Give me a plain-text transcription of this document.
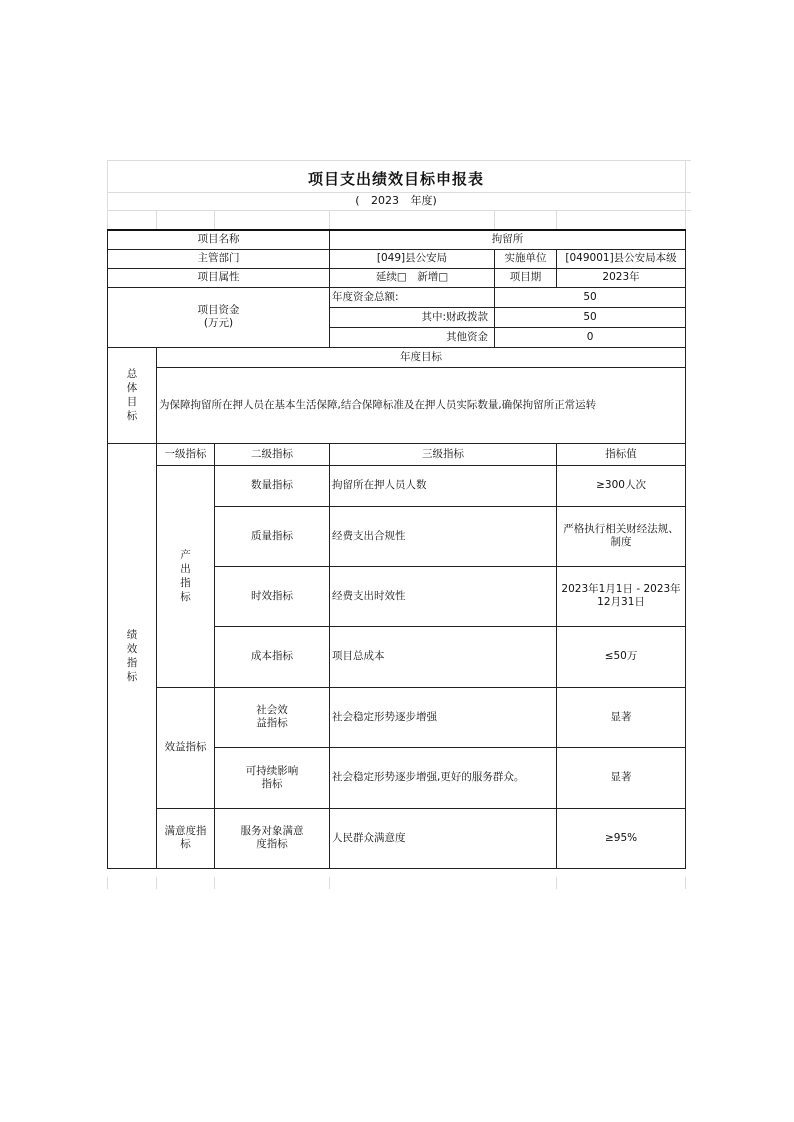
项目支出绩效目标申报表
( 2023 年度)
项目名称			拘留所		
主管部门			[049]县公安局	实施单位	[049001]县公安局本级
项目属性			延续□　新增□	项目期	2023年

项目资金
(万元)			年度资金总额:	50	
			其中:财政拨款	50	
			其他资金	0	
总体目标	年度目标				
	为保障拘留所在押人员在基本生活保障,结合保障标准及在押人员实际数量,确保拘留所正常运转				
绩效指标	一级指标	二级指标	三级指标		指标值
	产出指标	数量指标	拘留所在押人员人数		≥300人次
		质量指标	经费支出合规性		严格执行相关财经法规、制度
		时效指标	经费支出时效性		2023年1月1日 - 2023年12月31日
		成本指标	项目总成本		≤50万
	效益指标	社会效益指标	社会稳定形势逐步增强		显著
		可持续影响指标	社会稳定形势逐步增强,更好的服务群众。		显著
	满意度指标	服务对象满意度指标	人民群众满意度		≥95%
